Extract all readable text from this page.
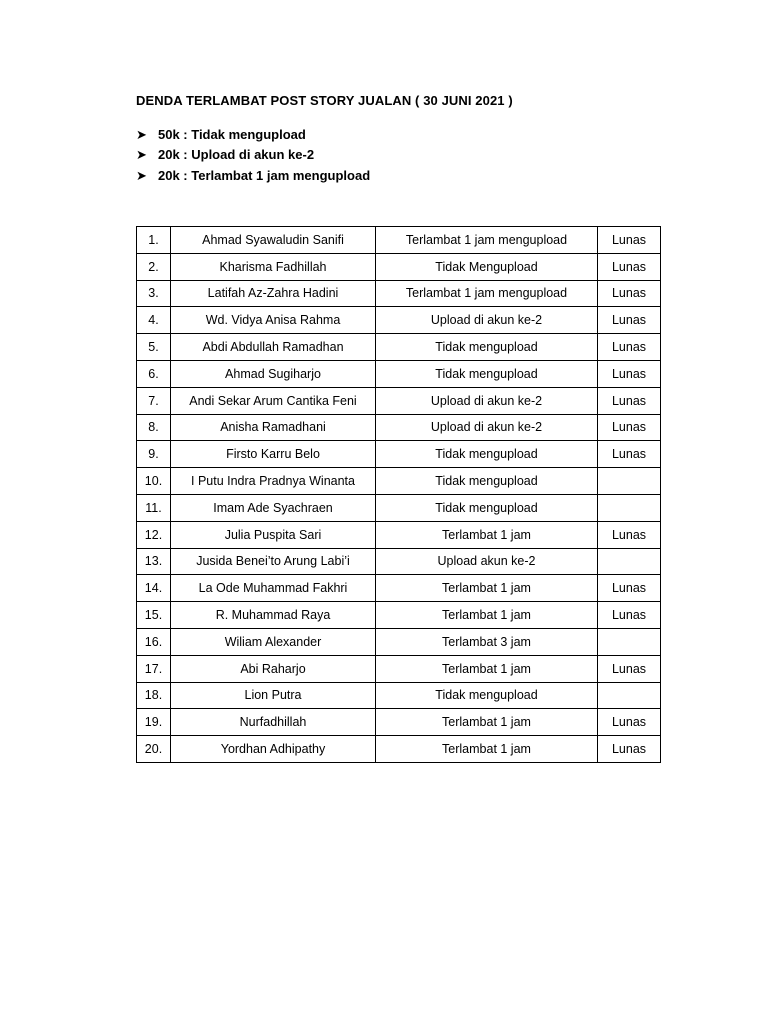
DENDA TERLAMBAT POST STORY JUALAN ( 30 JUNI 2021 )
➤ 50k : Tidak mengupload
➤ 20k : Upload di akun ke-2
➤ 20k : Terlambat 1 jam mengupload
1.	Ahmad Syawaludin Sanifi	Terlambat 1 jam mengupload	Lunas
2.	Kharisma Fadhillah	Tidak Mengupload	Lunas
3.	Latifah Az-Zahra Hadini	Terlambat 1 jam mengupload	Lunas
4.	Wd. Vidya Anisa Rahma	Upload di akun ke-2	Lunas
5.	Abdi Abdullah Ramadhan	Tidak mengupload	Lunas
6.	Ahmad Sugiharjo	Tidak mengupload	Lunas
7.	Andi Sekar Arum Cantika Feni	Upload di akun ke-2	Lunas
8.	Anisha Ramadhani	Upload di akun ke-2	Lunas
9.	Firsto Karru Belo	Tidak mengupload	Lunas
10.	I Putu Indra Pradnya Winanta	Tidak mengupload	
11.	Imam Ade Syachraen	Tidak mengupload	
12.	Julia Puspita Sari	Terlambat 1 jam	Lunas
13.	Jusida Benei’to Arung Labi’i	Upload akun ke-2	
14.	La Ode Muhammad Fakhri	Terlambat 1 jam	Lunas
15.	R. Muhammad Raya	Terlambat 1 jam	Lunas
16.	Wiliam Alexander	Terlambat 3 jam	
17.	Abi Raharjo	Terlambat 1 jam	Lunas
18.	Lion Putra	Tidak mengupload	
19.	Nurfadhillah	Terlambat 1 jam	Lunas
20.	Yordhan Adhipathy	Terlambat 1 jam	Lunas
